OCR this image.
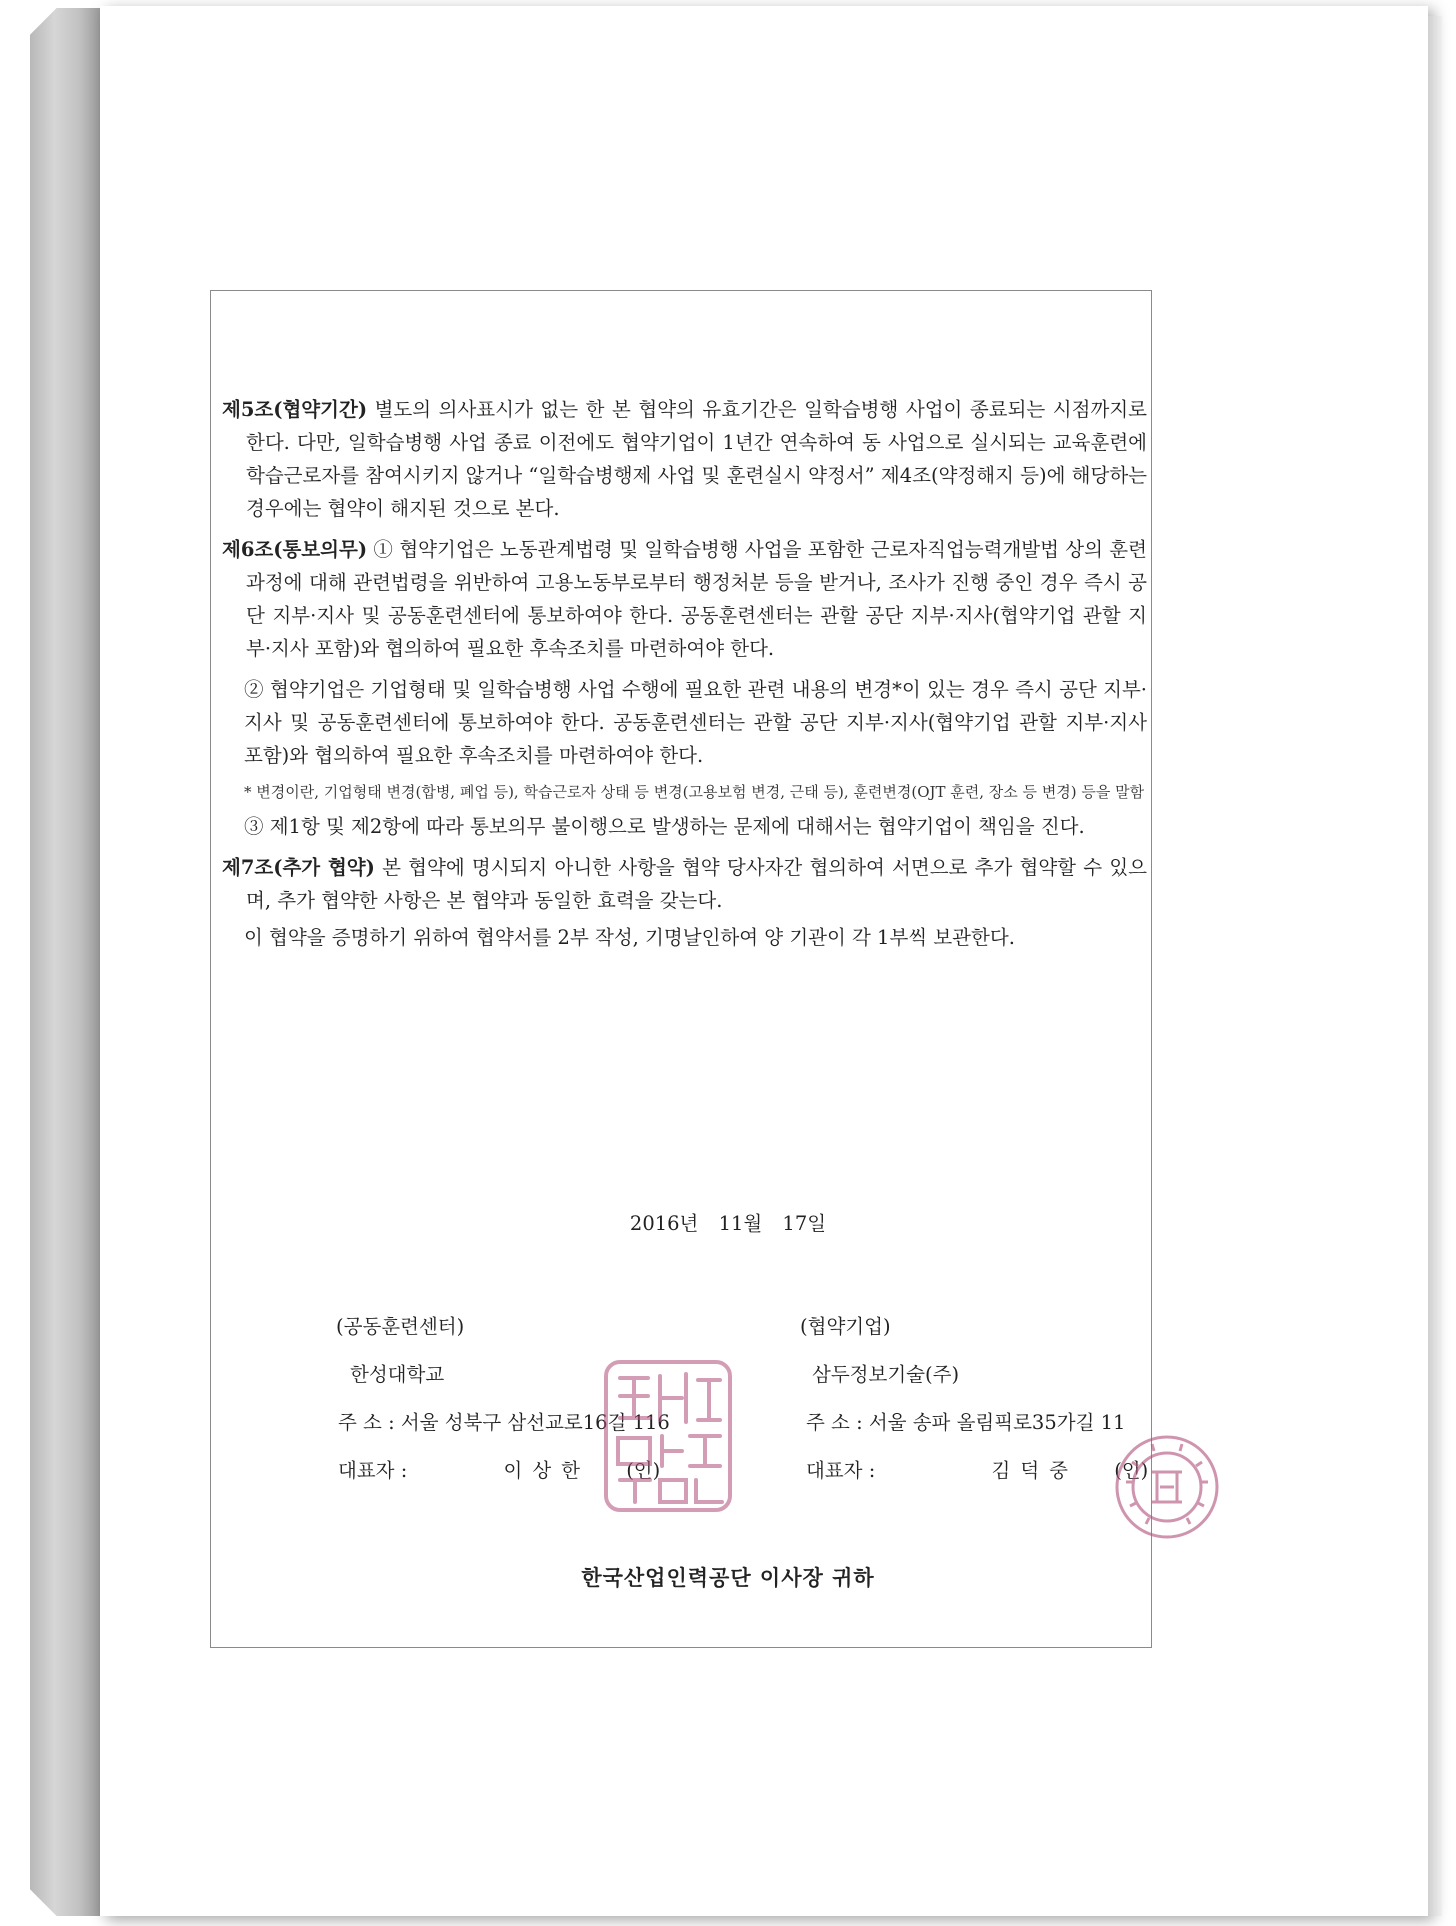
제5조(협약기간) 별도의 의사표시가 없는 한 본 협약의 유효기간은 일학습병행 사업이 종료되는 시점까지로 한다. 다만, 일학습병행 사업 종료 이전에도 협약기업이 1년간 연속하여 동 사업으로 실시되는 교육훈련에 학습근로자를 참여시키지 않거나 “일학습병행제 사업 및 훈련실시 약정서” 제4조(약정해지 등)에 해당하는 경우에는 협약이 해지된 것으로 본다.

제6조(통보의무) ① 협약기업은 노동관계법령 및 일학습병행 사업을 포함한 근로자직업능력개발법 상의 훈련과정에 대해 관련법령을 위반하여 고용노동부로부터 행정처분 등을 받거나, 조사가 진행 중인 경우 즉시 공단 지부·지사 및 공동훈련센터에 통보하여야 한다. 공동훈련센터는 관할 공단 지부·지사(협약기업 관할 지부·지사 포함)와 협의하여 필요한 후속조치를 마련하여야 한다.

② 협약기업은 기업형태 및 일학습병행 사업 수행에 필요한 관련 내용의 변경*이 있는 경우 즉시 공단 지부·지사 및 공동훈련센터에 통보하여야 한다. 공동훈련센터는 관할 공단 지부·지사(협약기업 관할 지부·지사 포함)와 협의하여 필요한 후속조치를 마련하여야 한다.

* 변경이란, 기업형태 변경(합병, 폐업 등), 학습근로자 상태 등 변경(고용보험 변경, 근태 등), 훈련변경(OJT 훈련, 장소 등 변경) 등을 말함

③ 제1항 및 제2항에 따라 통보의무 불이행으로 발생하는 문제에 대해서는 협약기업이 책임을 진다.

제7조(추가 협약) 본 협약에 명시되지 아니한 사항을 협약 당사자간 협의하여 서면으로 추가 협약할 수 있으며, 추가 협약한 사항은 본 협약과 동일한 효력을 갖는다.

이 협약을 증명하기 위하여 협약서를 2부 작성, 기명날인하여 양 기관이 각 1부씩 보관한다.

2016년 11월 17일
(공동훈련센터)	(협약기업)
한성대학교	삼두정보기술(주)
주 소 : 서울 성북구 삼선교로16길 116	주 소 : 서울 송파 올림픽로35가길 11
대표자 :	이상한 (인)	대표자 :	김덕중 (인)
한국산업인력공단 이사장 귀하
